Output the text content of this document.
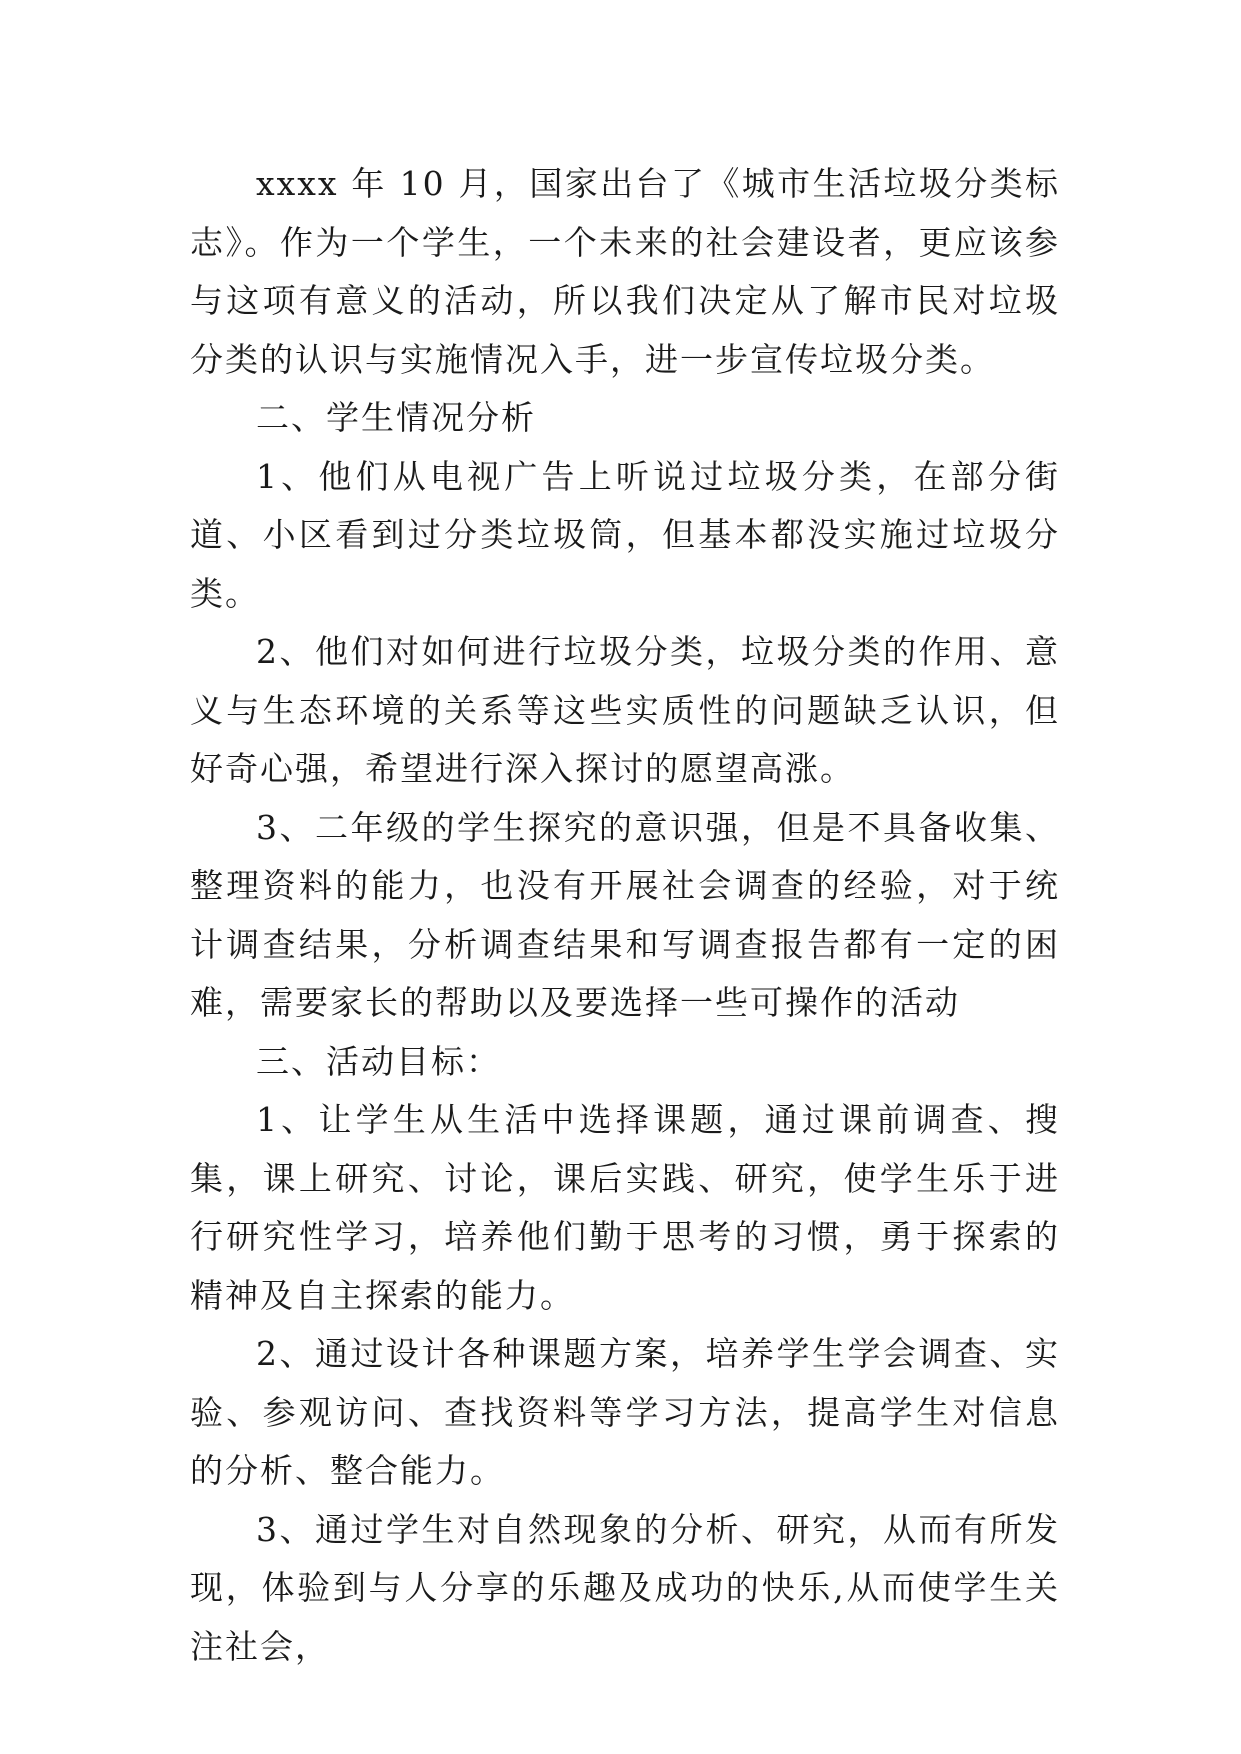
xxxx 年 10 月，国家出台了《城市生活垃圾分类标志》。作为一个学生，一个未来的社会建设者，更应该参与这项有意义的活动，所以我们决定从了解市民对垃圾分类的认识与实施情况入手，进一步宣传垃圾分类。

二、学生情况分析

1、他们从电视广告上听说过垃圾分类，在部分街道、小区看到过分类垃圾筒，但基本都没实施过垃圾分类。

2、他们对如何进行垃圾分类，垃圾分类的作用、意义与生态环境的关系等这些实质性的问题缺乏认识，但好奇心强，希望进行深入探讨的愿望高涨。

3、二年级的学生探究的意识强，但是不具备收集、整理资料的能力，也没有开展社会调查的经验，对于统计调查结果，分析调查结果和写调查报告都有一定的困难，需要家长的帮助以及要选择一些可操作的活动

三、活动目标：

1、让学生从生活中选择课题，通过课前调查、搜集，课上研究、讨论，课后实践、研究，使学生乐于进行研究性学习，培养他们勤于思考的习惯，勇于探索的精神及自主探索的能力。

2、通过设计各种课题方案，培养学生学会调查、实验、参观访问、查找资料等学习方法，提高学生对信息的分析、整合能力。

3、通过学生对自然现象的分析、研究，从而有所发现，体验到与人分享的乐趣及成功的快乐,从而使学生关注社会，
